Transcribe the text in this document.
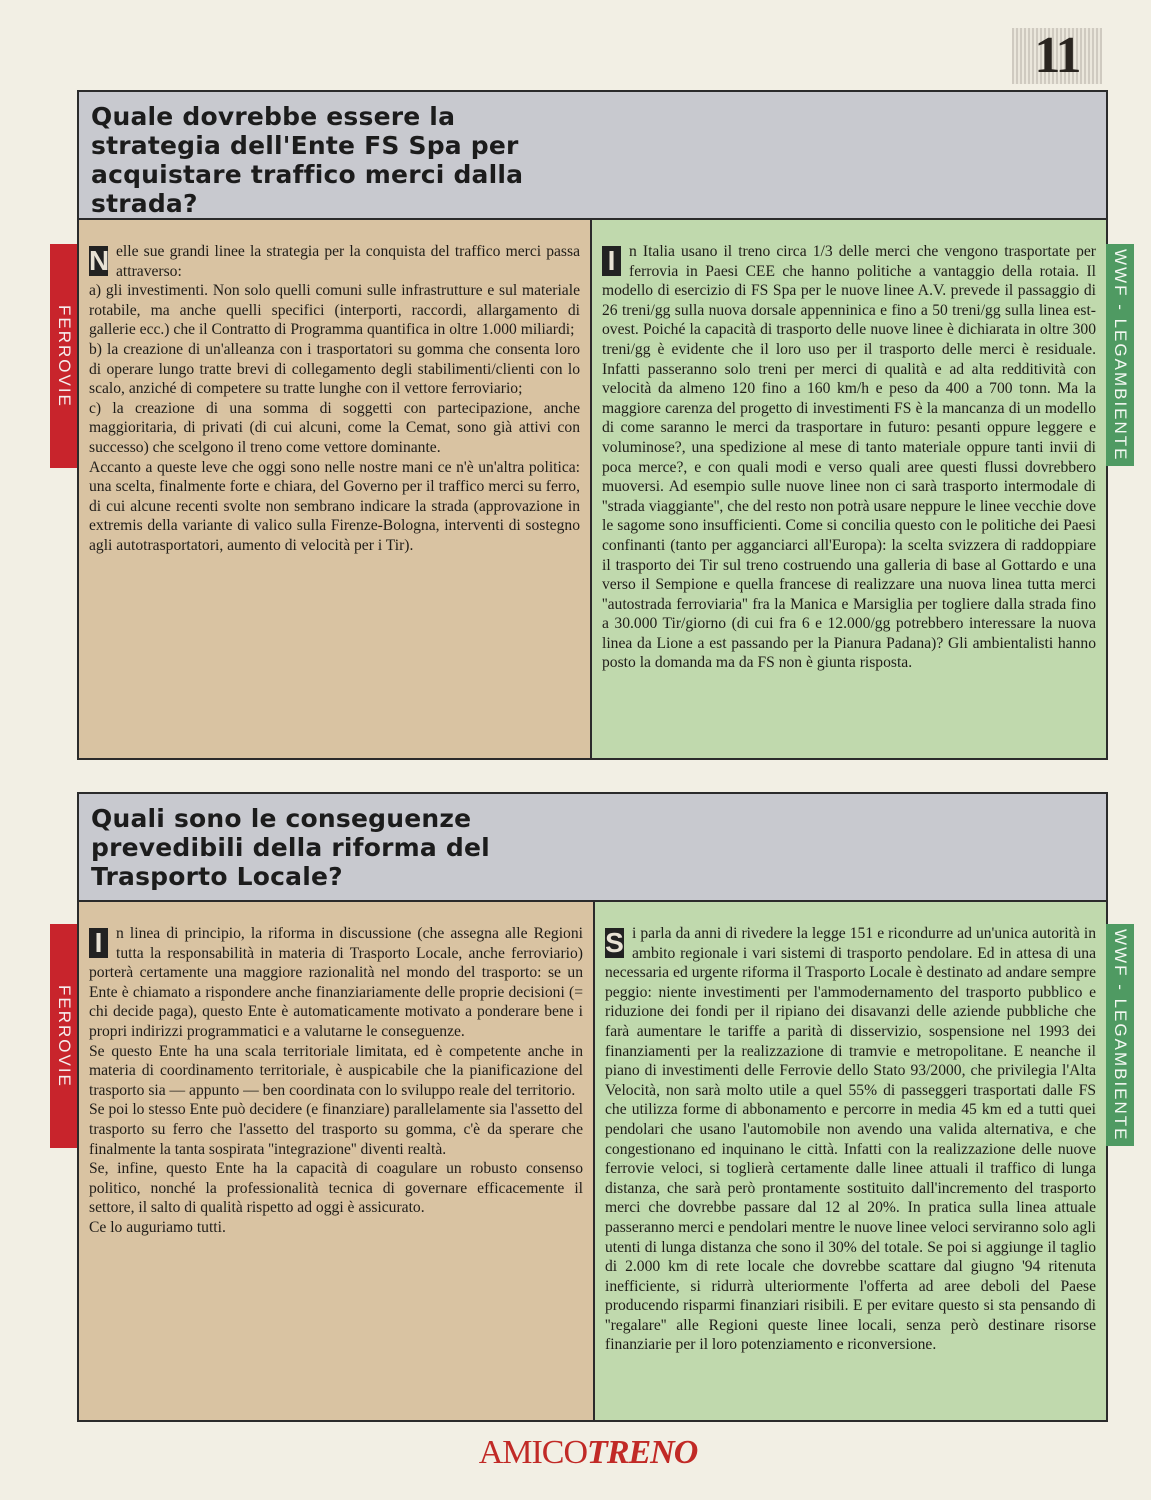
11
Quale dovrebbe essere la strategia dell'Ente FS Spa per acquistare traffico merci dalla strada?
FERROVIE
N elle sue grandi linee la strategia per la conquista del traffico merci passa attraverso:

a) gli investimenti. Non solo quelli comuni sulle infrastrutture e sul materiale rotabile, ma anche quelli specifici (interporti, raccordi, allargamento di gallerie ecc.) che il Contratto di Programma quantifica in oltre 1.000 miliardi;

b) la creazione di un'alleanza con i trasportatori su gomma che consenta loro di operare lungo tratte brevi di collegamento degli stabilimenti/clienti con lo scalo, anziché di competere su tratte lunghe con il vettore ferroviario;

c) la creazione di una somma di soggetti con partecipazione, anche maggioritaria, di privati (di cui alcuni, come la Cemat, sono già attivi con successo) che scelgono il treno come vettore dominante.

Accanto a queste leve che oggi sono nelle nostre mani ce n'è un'altra politica: una scelta, finalmente forte e chiara, del Governo per il traffico merci su ferro, di cui alcune recenti svolte non sembrano indicare la strada (approvazione in extremis della variante di valico sulla Firenze-Bologna, interventi di sostegno agli autotrasportatori, aumento di velocità per i Tir).

I n Italia usano il treno circa 1/3 delle merci che vengono trasportate per ferrovia in Paesi CEE che hanno politiche a vantaggio della rotaia. Il modello di esercizio di FS Spa per le nuove linee A.V. prevede il passaggio di 26 treni/gg sulla nuova dorsale appenninica e fino a 50 treni/gg sulla linea est-ovest. Poiché la capacità di trasporto delle nuove linee è dichiarata in oltre 300 treni/gg è evidente che il loro uso per il trasporto delle merci è residuale. Infatti passeranno solo treni per merci di qualità e ad alta redditività con velocità da almeno 120 fino a 160 km/h e peso da 400 a 700 tonn. Ma la maggiore carenza del progetto di investimenti FS è la mancanza di un modello di come saranno le merci da trasportare in futuro: pesanti oppure leggere e voluminose?, una spedizione al mese di tanto materiale oppure tanti invii di poca merce?, e con quali modi e verso quali aree questi flussi dovrebbero muoversi. Ad esempio sulle nuove linee non ci sarà trasporto intermodale di ''strada viaggiante'', che del resto non potrà usare neppure le linee vecchie dove le sagome sono insufficienti. Come si concilia questo con le politiche dei Paesi confinanti (tanto per agganciarci all'Europa): la scelta svizzera di raddoppiare il trasporto dei Tir sul treno costruendo una galleria di base al Gottardo e una verso il Sempione e quella francese di realizzare una nuova linea tutta merci ''autostrada ferroviaria'' fra la Manica e Marsiglia per togliere dalla strada fino a 30.000 Tir/giorno (di cui fra 6 e 12.000/gg potrebbero interessare la nuova linea da Lione a est passando per la Pianura Padana)? Gli ambientalisti hanno posto la domanda ma da FS non è giunta risposta.

WWF - LEGAMBIENTE
Quali sono le conseguenze prevedibili della riforma del Trasporto Locale?
FERROVIE
I n linea di principio, la riforma in discussione (che assegna alle Regioni tutta la responsabilità in materia di Trasporto Locale, anche ferroviario) porterà certamente una maggiore razionalità nel mondo del trasporto: se un Ente è chiamato a rispondere anche finanziariamente delle proprie decisioni (= chi decide paga), questo Ente è automaticamente motivato a ponderare bene i propri indirizzi programmatici e a valutarne le conseguenze.

Se questo Ente ha una scala territoriale limitata, ed è competente anche in materia di coordinamento territoriale, è auspicabile che la pianificazione del trasporto sia — appunto — ben coordinata con lo sviluppo reale del territorio.

Se poi lo stesso Ente può decidere (e finanziare) parallelamente sia l'assetto del trasporto su ferro che l'assetto del trasporto su gomma, c'è da sperare che finalmente la tanta sospirata ''integrazione'' diventi realtà.

Se, infine, questo Ente ha la capacità di coagulare un robusto consenso politico, nonché la professionalità tecnica di governare efficacemente il settore, il salto di qualità rispetto ad oggi è assicurato.

Ce lo auguriamo tutti.

S i parla da anni di rivedere la legge 151 e ricondurre ad un'unica autorità in ambito regionale i vari sistemi di trasporto pendolare. Ed in attesa di una necessaria ed urgente riforma il Trasporto Locale è destinato ad andare sempre peggio: niente investimenti per l'ammodernamento del trasporto pubblico e riduzione dei fondi per il ripiano dei disavanzi delle aziende pubbliche che farà aumentare le tariffe a parità di disservizio, sospensione nel 1993 dei finanziamenti per la realizzazione di tramvie e metropolitane. E neanche il piano di investimenti delle Ferrovie dello Stato 93/2000, che privilegia l'Alta Velocità, non sarà molto utile a quel 55% di passeggeri trasportati dalle FS che utilizza forme di abbonamento e percorre in media 45 km ed a tutti quei pendolari che usano l'automobile non avendo una valida alternativa, e che congestionano ed inquinano le città. Infatti con la realizzazione delle nuove ferrovie veloci, si toglierà certamente dalle linee attuali il traffico di lunga distanza, che sarà però prontamente sostituito dall'incremento del trasporto merci che dovrebbe passare dal 12 al 20%. In pratica sulla linea attuale passeranno merci e pendolari mentre le nuove linee veloci serviranno solo agli utenti di lunga distanza che sono il 30% del totale. Se poi si aggiunge il taglio di 2.000 km di rete locale che dovrebbe scattare dal giugno '94 ritenuta inefficiente, si ridurrà ulteriormente l'offerta ad aree deboli del Paese producendo risparmi finanziari risibili. E per evitare questo si sta pensando di ''regalare'' alle Regioni queste linee locali, senza però destinare risorse finanziarie per il loro potenziamento e riconversione.

WWF - LEGAMBIENTE
AMICOTRENO
